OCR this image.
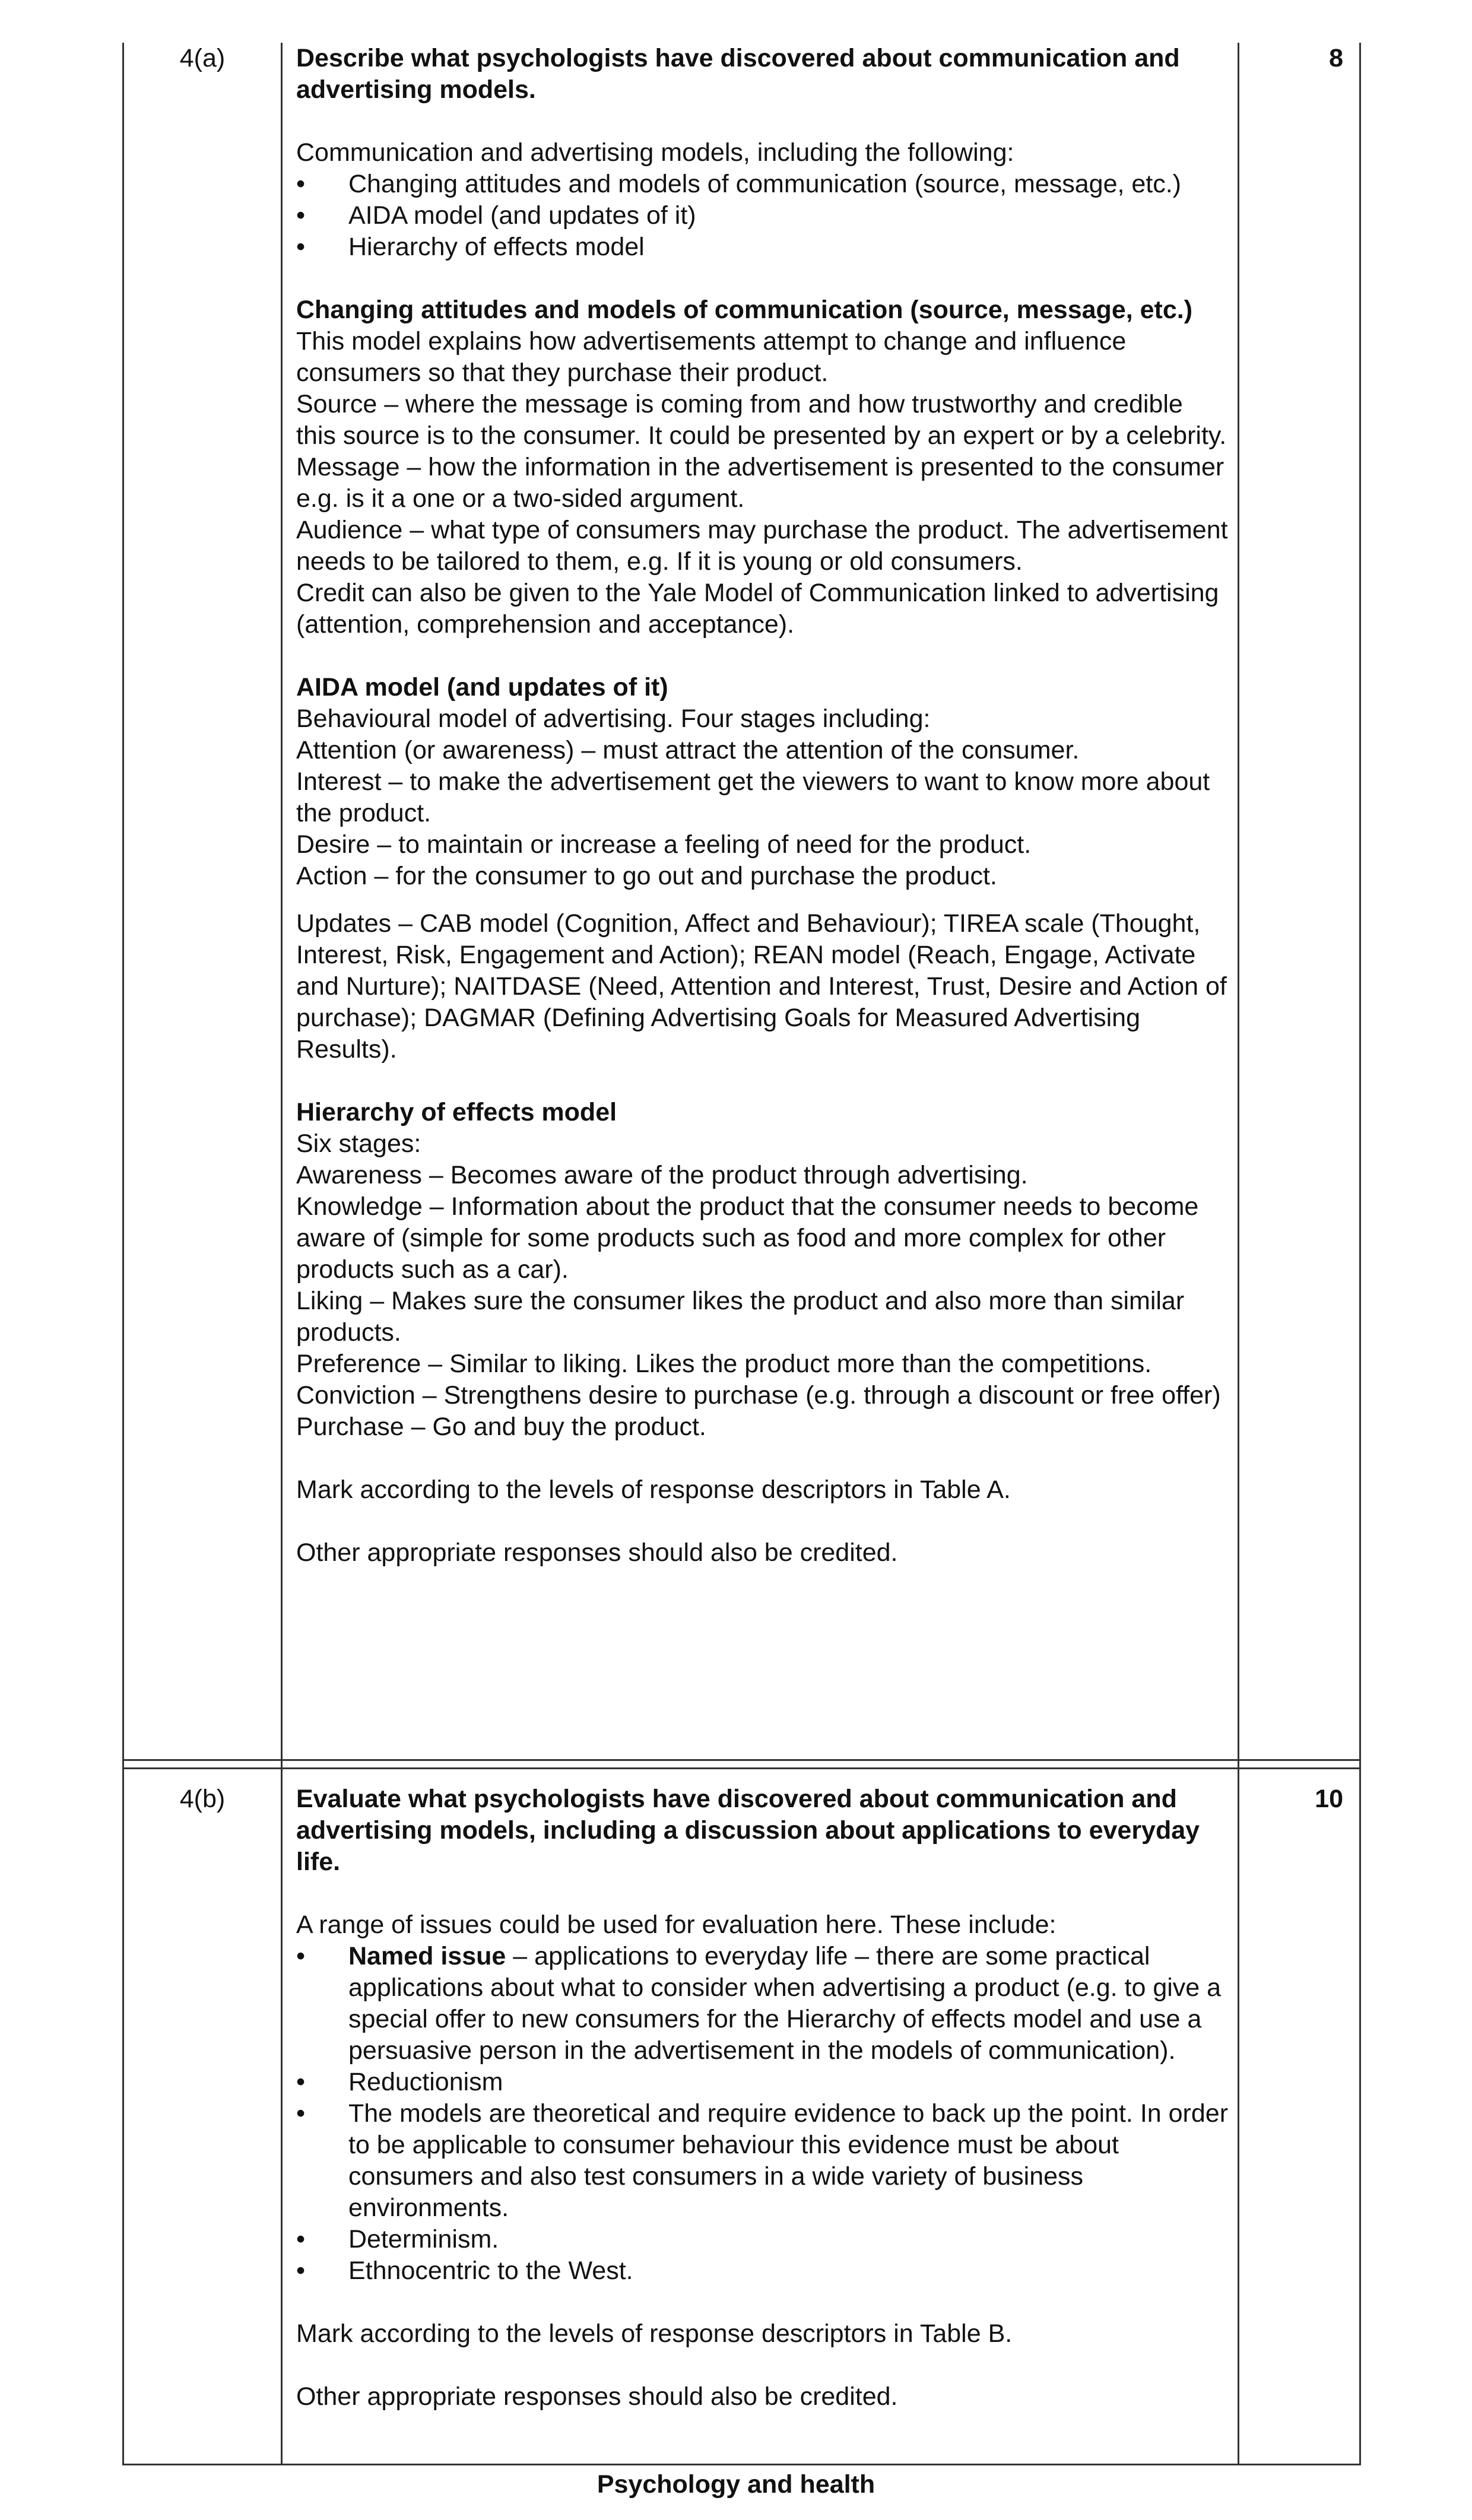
4(a)	8

Describe what psychologists have discovered about communication and advertising models.

Communication and advertising models, including the following:

• Changing attitudes and models of communication (source, message, etc.)
• AIDA model (and updates of it)
• Hierarchy of effects model

Changing attitudes and models of communication (source, message, etc.)

This model explains how advertisements attempt to change and influence consumers so that they purchase their product.

Source – where the message is coming from and how trustworthy and credible this source is to the consumer. It could be presented by an expert or by a celebrity.

Message – how the information in the advertisement is presented to the consumer e.g. is it a one or a two-sided argument.

Audience – what type of consumers may purchase the product. The advertisement needs to be tailored to them, e.g. If it is young or old consumers.

Credit can also be given to the Yale Model of Communication linked to advertising (attention, comprehension and acceptance).

AIDA model (and updates of it)

Behavioural model of advertising. Four stages including:

Attention (or awareness) – must attract the attention of the consumer.

Interest – to make the advertisement get the viewers to want to know more about the product.

Desire – to maintain or increase a feeling of need for the product.

Action – for the consumer to go out and purchase the product.

Updates – CAB model (Cognition, Affect and Behaviour); TIREA scale (Thought, Interest, Risk, Engagement and Action); REAN model (Reach, Engage, Activate and Nurture); NAITDASE (Need, Attention and Interest, Trust, Desire and Action of purchase); DAGMAR (Defining Advertising Goals for Measured Advertising Results).

Hierarchy of effects model

Six stages:

Awareness – Becomes aware of the product through advertising.

Knowledge – Information about the product that the consumer needs to become aware of (simple for some products such as food and more complex for other products such as a car).

Liking – Makes sure the consumer likes the product and also more than similar products.

Preference – Similar to liking. Likes the product more than the competitions.

Conviction – Strengthens desire to purchase (e.g. through a discount or free offer)

Purchase – Go and buy the product.

Mark according to the levels of response descriptors in Table A.

Other appropriate responses should also be credited.

4(b)	10

Evaluate what psychologists have discovered about communication and advertising models, including a discussion about applications to everyday life.

A range of issues could be used for evaluation here. These include:

• Named issue – applications to everyday life – there are some practical applications about what to consider when advertising a product (e.g. to give a special offer to new consumers for the Hierarchy of effects model and use a persuasive person in the advertisement in the models of communication).
• Reductionism
• The models are theoretical and require evidence to back up the point. In order to be applicable to consumer behaviour this evidence must be about consumers and also test consumers in a wide variety of business environments.
• Determinism.
• Ethnocentric to the West.

Mark according to the levels of response descriptors in Table B.

Other appropriate responses should also be credited.

Psychology and health
